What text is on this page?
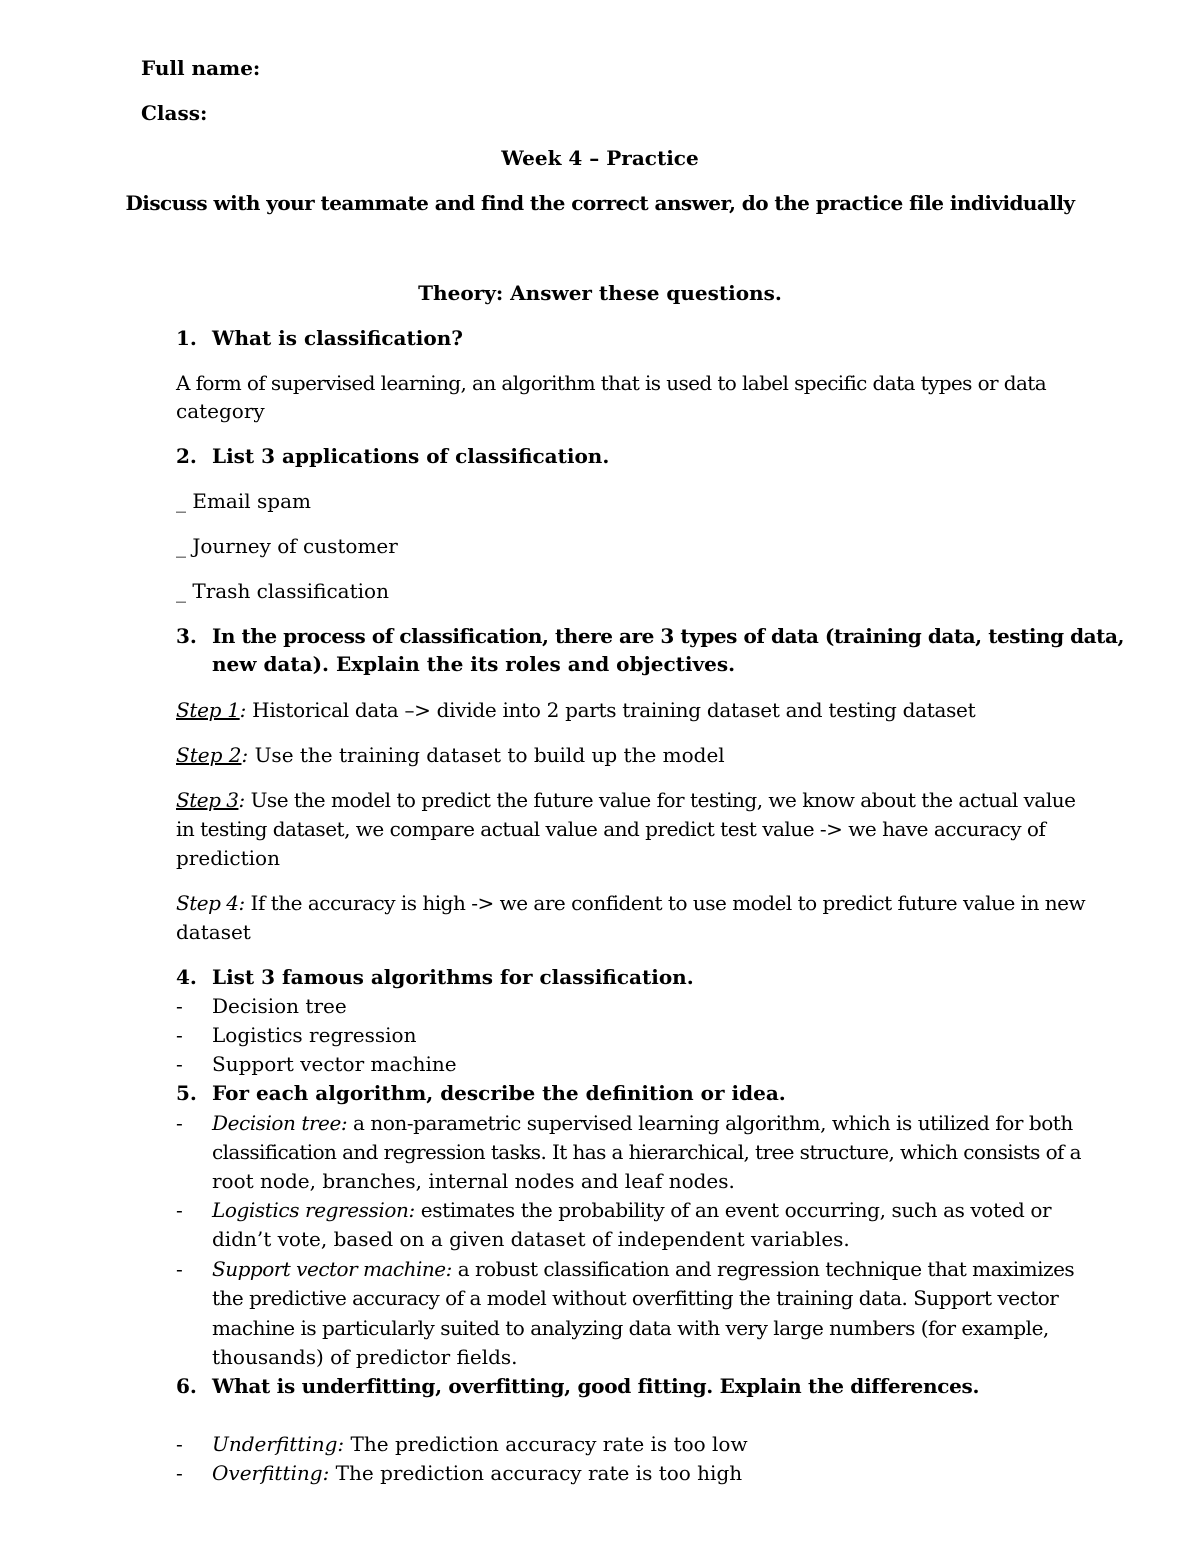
Full name:
Class:
Week 4 – Practice
Discuss with your teammate and find the correct answer, do the practice file individually
Theory: Answer these questions.
1. What is classification?
A form of supervised learning, an algorithm that is used to label specific data types or data
category
2. List 3 applications of classification.
_ Email spam
_ Journey of customer
_ Trash classification
3. In the process of classification, there are 3 types of data (training data, testing data,
new data). Explain the its roles and objectives.
Step 1: Historical data –> divide into 2 parts training dataset and testing dataset
Step 2: Use the training dataset to build up the model
Step 3: Use the model to predict the future value for testing, we know about the actual value
in testing dataset, we compare actual value and predict test value -> we have accuracy of
prediction
Step 4: If the accuracy is high -> we are confident to use model to predict future value in new
dataset
4. List 3 famous algorithms for classification.
- Decision tree
- Logistics regression
- Support vector machine
5. For each algorithm, describe the definition or idea.
- Decision tree: a non-parametric supervised learning algorithm, which is utilized for both
classification and regression tasks. It has a hierarchical, tree structure, which consists of a
root node, branches, internal nodes and leaf nodes.
- Logistics regression: estimates the probability of an event occurring, such as voted or
didn’t vote, based on a given dataset of independent variables.
- Support vector machine: a robust classification and regression technique that maximizes
the predictive accuracy of a model without overfitting the training data. Support vector
machine is particularly suited to analyzing data with very large numbers (for example,
thousands) of predictor fields.
6. What is underfitting, overfitting, good fitting. Explain the differences.
- Underfitting: The prediction accuracy rate is too low
- Overfitting: The prediction accuracy rate is too high
